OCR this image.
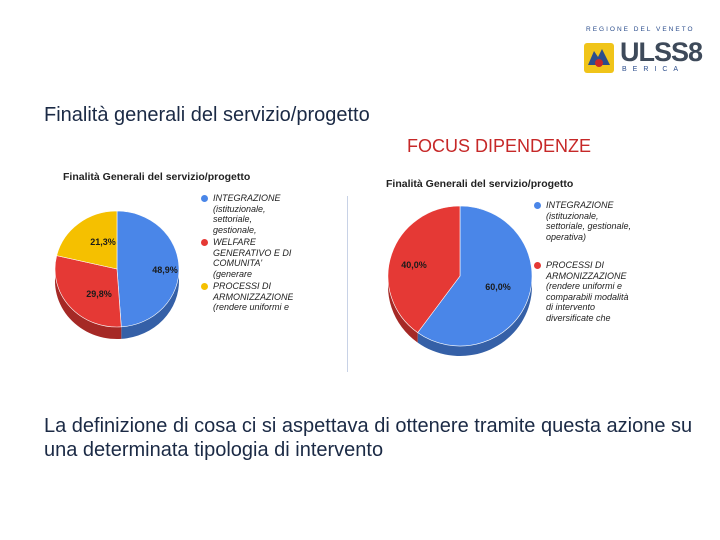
REGIONE DEL VENETO
ULSS8
BERICA
Finalità generali del servizio/progetto
FOCUS DIPENDENZE
Finalità Generali del servizio/progetto
48,9%
29,8%
21,3%
INTEGRAZIONE
(istituzionale,
settoriale, gestionale,
WELFARE
GENERATIVO E DI
COMUNITA' (generare
PROCESSI DI
ARMONIZZAZIONE
(rendere uniformi e
Finalità Generali del servizio/progetto
60,0%
40,0%
INTEGRAZIONE
(istituzionale,
settoriale, gestionale,
operativa)
PROCESSI DI
ARMONIZZAZIONE
(rendere uniformi e
comparabili modalità
di intervento
diversificate che
La definizione di cosa ci si aspettava di ottenere tramite questa azione su una determinata tipologia di intervento
